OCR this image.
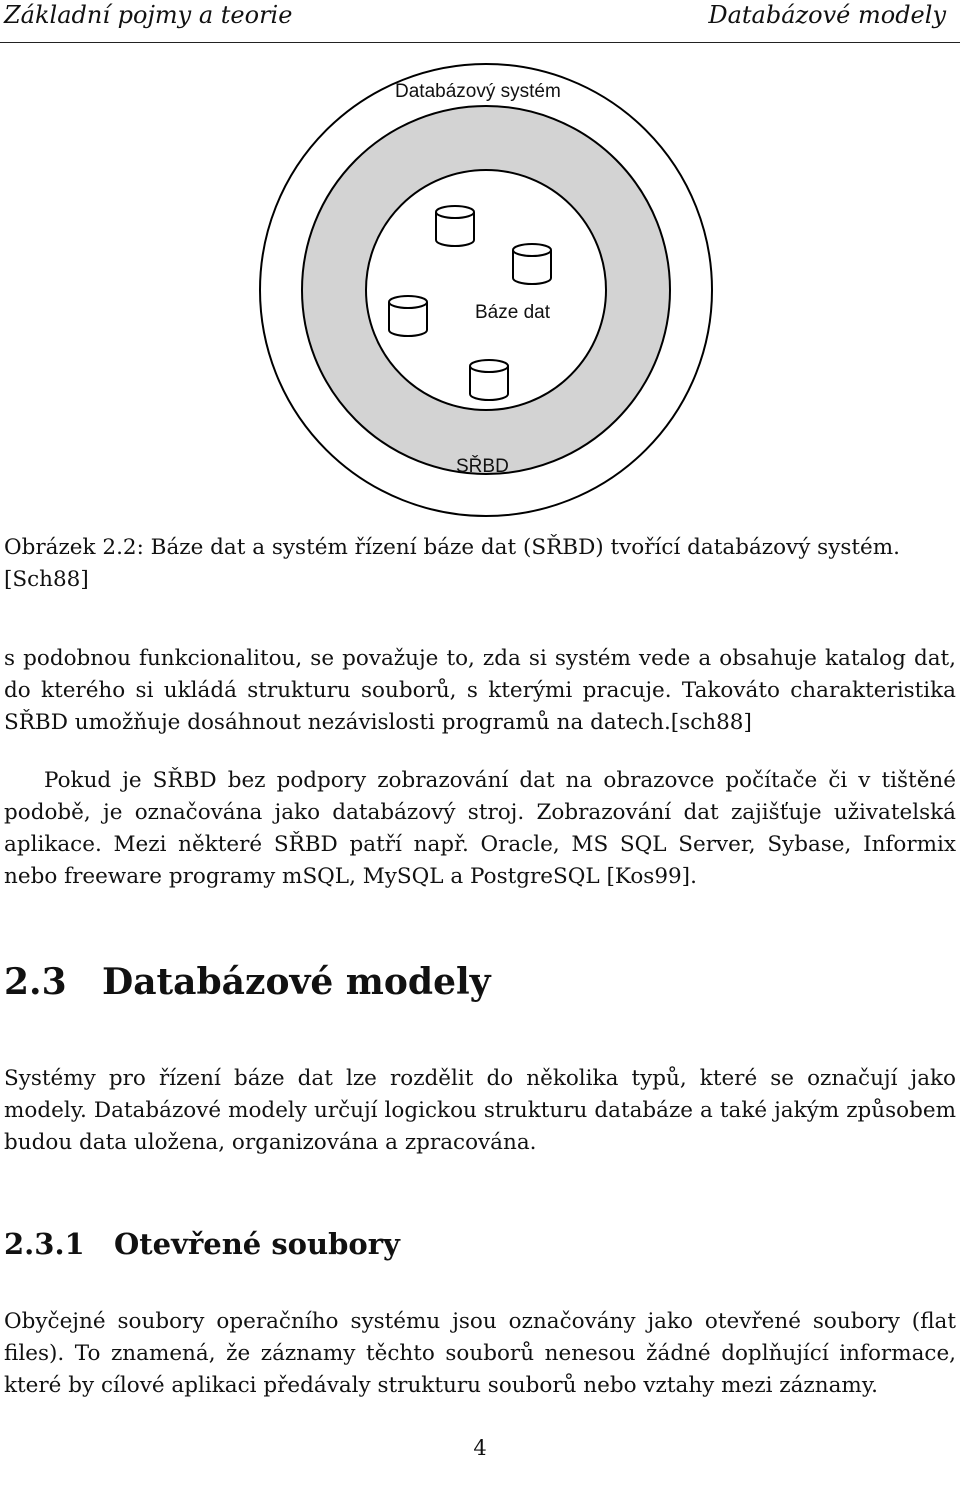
Základní pojmy a teorie	Databázové modely
Databázový systém
Báze dat
SŘBD
Obrázek 2.2: Báze dat a systém řízení báze dat (SŘBD) tvořící databázový systém.
[Sch88]
s podobnou funkcionalitou, se považuje to, zda si systém vede a obsahuje katalog dat, do kterého si ukládá strukturu souborů, s kterými pracuje. Takováto charakteristika SŘBD umožňuje dosáhnout nezávislosti programů na datech.[sch88]
Pokud je SŘBD bez podpory zobrazování dat na obrazovce počítače či v tištěné podobě, je označována jako databázový stroj. Zobrazování dat zajišťuje uživatelská aplikace. Mezi některé SŘBD patří např. Oracle, MS SQL Server, Sybase, Informix nebo freeware programy mSQL, MySQL a PostgreSQL [Kos99].
2.3 Databázové modely
Systémy pro řízení báze dat lze rozdělit do několika typů, které se označují jako modely. Databázové modely určují logickou strukturu databáze a také jakým způsobem budou data uložena, organizována a zpracována.
2.3.1 Otevřené soubory
Obyčejné soubory operačního systému jsou označovány jako otevřené soubory (flat files). To znamená, že záznamy těchto souborů nenesou žádné doplňující informace, které by cílové aplikaci předávaly strukturu souborů nebo vztahy mezi záznamy.
4
